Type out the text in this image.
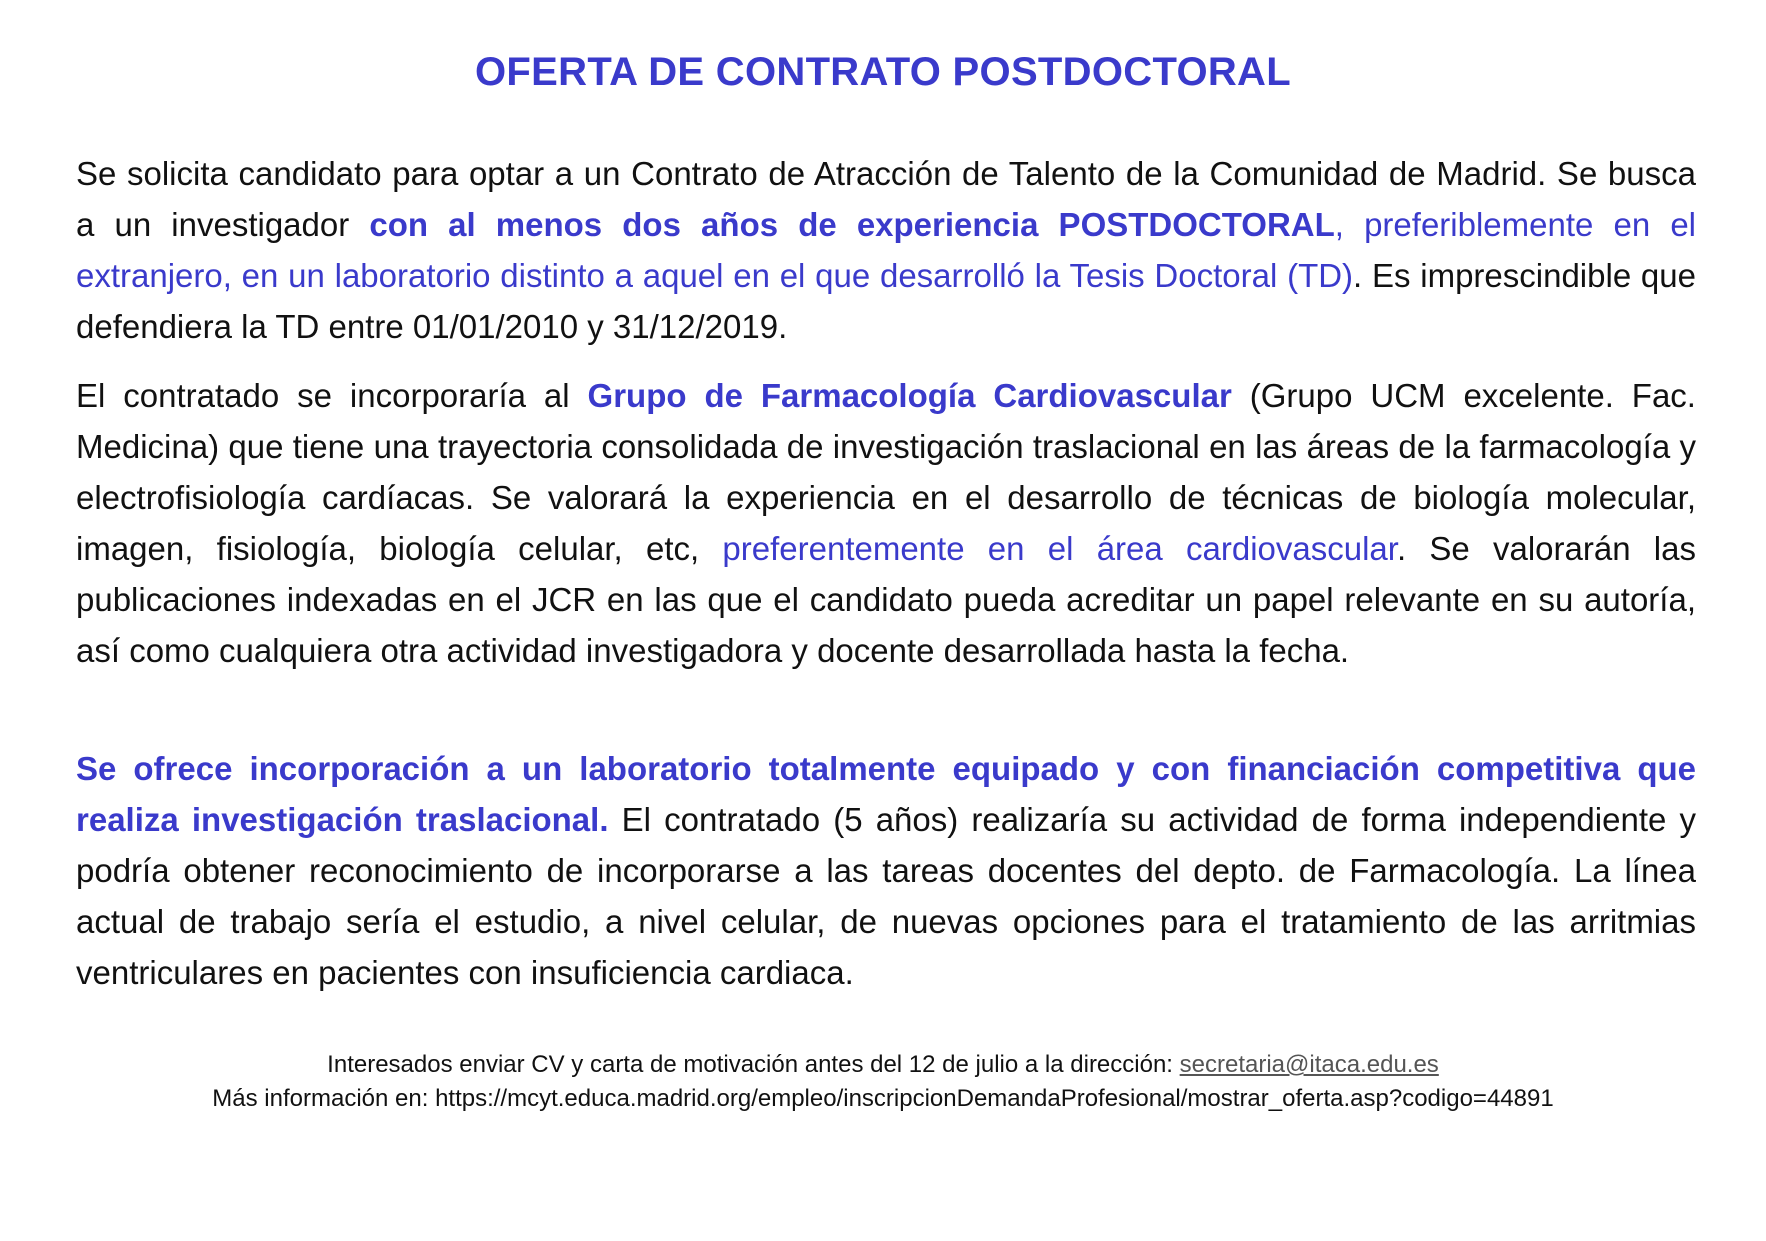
OFERTA DE CONTRATO POSTDOCTORAL
Se solicita candidato para optar a un Contrato de Atracción de Talento de la Comunidad de Madrid. Se busca a un investigador con al menos dos años de experiencia POSTDOCTORAL, preferiblemente en el extranjero, en un laboratorio distinto a aquel en el que desarrolló la Tesis Doctoral (TD). Es imprescindible que defendiera la TD entre 01/01/2010 y 31/12/2019.
El contratado se incorporaría al Grupo de Farmacología Cardiovascular (Grupo UCM excelente. Fac. Medicina) que tiene una trayectoria consolidada de investigación traslacional en las áreas de la farmacología y electrofisiología cardíacas. Se valorará la experiencia en el desarrollo de técnicas de biología molecular, imagen, fisiología, biología celular, etc, preferentemente en el área cardiovascular. Se valorarán las publicaciones indexadas en el JCR en las que el candidato pueda acreditar un papel relevante en su autoría, así como cualquiera otra actividad investigadora y docente desarrollada hasta la fecha.
Se ofrece incorporación a un laboratorio totalmente equipado y con financiación competitiva que realiza investigación traslacional. El contratado (5 años) realizaría su actividad de forma independiente y podría obtener reconocimiento de incorporarse a las tareas docentes del depto. de Farmacología. La línea actual de trabajo sería el estudio, a nivel celular, de nuevas opciones para el tratamiento de las arritmias ventriculares en pacientes con insuficiencia cardiaca.
Interesados enviar CV y carta de motivación antes del 12 de julio a la dirección: secretaria@itaca.edu.es
Más información en: https://mcyt.educa.madrid.org/empleo/inscripcionDemandaProfesional/mostrar_oferta.asp?codigo=44891
